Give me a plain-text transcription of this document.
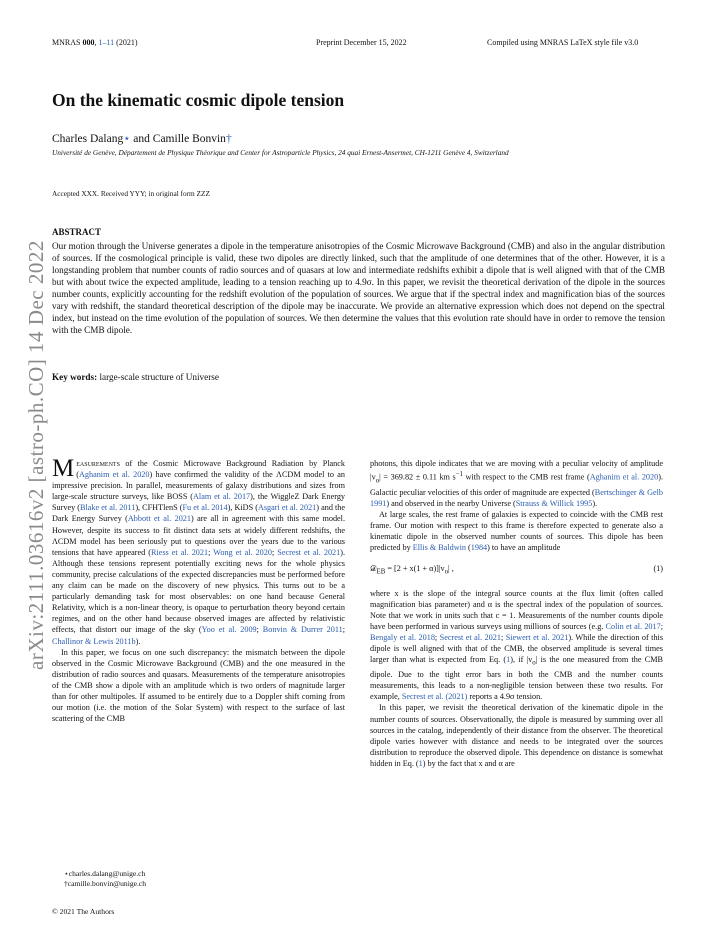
MNRAS 000, 1–11 (2021)	Preprint December 15, 2022	Compiled using MNRAS LaTeX style file v3.0
On the kinematic cosmic dipole tension
Charles Dalang⋆ and Camille Bonvin†
Université de Genève, Département de Physique Théorique and Center for Astroparticle Physics, 24 quai Ernest-Ansermet, CH-1211 Genève 4, Switzerland
Accepted XXX. Received YYY; in original form ZZZ
ABSTRACT

Our motion through the Universe generates a dipole in the temperature anisotropies of the Cosmic Microwave Background (CMB) and also in the angular distribution of sources. If the cosmological principle is valid, these two dipoles are directly linked, such that the amplitude of one determines that of the other. However, it is a longstanding problem that number counts of radio sources and of quasars at low and intermediate redshifts exhibit a dipole that is well aligned with that of the CMB but with about twice the expected amplitude, leading to a tension reaching up to 4.9σ. In this paper, we revisit the theoretical derivation of the dipole in the sources number counts, explicitly accounting for the redshift evolution of the population of sources. We argue that if the spectral index and magnification bias of the sources vary with redshift, the standard theoretical description of the dipole may be inaccurate. We provide an alternative expression which does not depend on the spectral index, but instead on the time evolution of the population of sources. We then determine the values that this evolution rate should have in order to remove the tension with the CMB dipole.

Key words: large-scale structure of Universe
arXiv:2111.03616v2 [astro-ph.CO] 14 Dec 2022 Measurements of the Cosmic Microwave Background Radiation by Planck (Aghanim et al. 2020) have confirmed the validity of the ΛCDM model to an impressive precision. In parallel, measurements of galaxy distributions and sizes from large-scale structure surveys, like BOSS (Alam et al. 2017), the WiggleZ Dark Energy Survey (Blake et al. 2011), CFHTlenS (Fu et al. 2014), KiDS (Asgari et al. 2021) and the Dark Energy Survey (Abbott et al. 2021) are all in agreement with this same model. However, despite its success to fit distinct data sets at widely different redshifts, the ΛCDM model has been seriously put to questions over the years due to the various tensions that have appeared (Riess et al. 2021; Wong et al. 2020; Secrest et al. 2021). Although these tensions represent potentially exciting news for the whole physics community, precise calculations of the expected discrepancies must be performed before any claim can be made on the discovery of new physics. This turns out to be a particularly demanding task for most observables: on one hand because General Relativity, which is a non-linear theory, is opaque to perturbation theory beyond certain regimes, and on the other hand because observed images are affected by relativistic effects, that distort our image of the sky (Yoo et al. 2009; Bonvin & Durrer 2011; Challinor & Lewis 2011b).

In this paper, we focus on one such discrepancy: the mismatch between the dipole observed in the Cosmic Microwave Background (CMB) and the one measured in the distribution of radio sources and quasars. Measurements of the temperature anisotropies of the CMB show a dipole with an amplitude which is two orders of magnitude larger than for other multipoles. If assumed to be entirely due to a Doppler shift coming from our motion (i.e. the motion of the Solar System) with respect to the surface of last scattering of the CMB

photons, this dipole indicates that we are moving with a peculiar velocity of amplitude $|v_o| = 369.82 \pm 0.11$ km $s^{-1}$ with respect to the CMB rest frame (Aghanim et al. 2020). Galactic peculiar velocities of this order of magnitude are expected (Bertschinger & Gelb 1991) and observed in the nearby Universe (Strauss & Willick 1995).

At large scales, the rest frame of galaxies is expected to coincide with the CMB rest frame. Our motion with respect to this frame is therefore expected to generate also a kinematic dipole in the observed number counts of sources. This dipole has been predicted by Ellis & Baldwin (1984) to have an amplitude

𝒟$_{EB}$ = $[2 + x(1 + \alpha)]|v_o|$ ,	(1)

where x is the slope of the integral source counts at the flux limit (often called magnification bias parameter) and α is the spectral index of the population of sources. Note that we work in units such that c = 1. Measurements of the number counts dipole have been performed in various surveys using millions of sources (e.g. Colin et al. 2017; Bengaly et al. 2018; Secrest et al. 2021; Siewert et al. 2021). While the direction of this dipole is well aligned with that of the CMB, the observed amplitude is several times larger than what is expected from Eq. (1), if $|v_o|$ is the one measured from the CMB dipole. Due to the tight error bars in both the CMB and the number counts measurements, this leads to a non-negligible tension between these two results. For example, Secrest et al. (2021) reports a 4.9σ tension.

In this paper, we revisit the theoretical derivation of the kinematic dipole in the number counts of sources. Observationally, the dipole is measured by summing over all sources in the catalog, independently of their distance from the observer. The theoretical dipole varies however with distance and needs to be integrated over the sources distribution to reproduce the observed dipole. This dependence on distance is somewhat hidden in Eq. (1) by the fact that x and α are

⋆charles.dalang@unige.ch
†camille.bonvin@unige.ch
© 2021 The Authors
